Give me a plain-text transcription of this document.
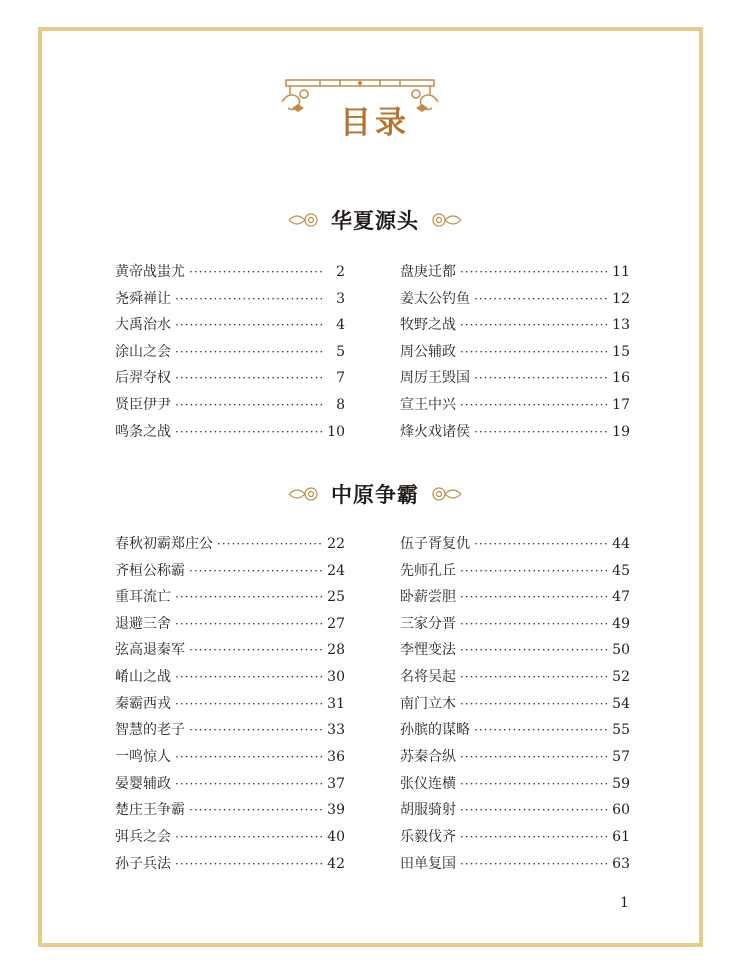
目录
华夏源头
黄帝战蚩尤 ·····	2
尧舜禅让 ·····	3
大禹治水 ·····	4
涂山之会 ·····	5
后羿夺权 ·····	7
贤臣伊尹 ·····	8
鸣条之战 ·····	10
盘庚迁都 ·····	11
姜太公钓鱼 ·····	12
牧野之战 ·····	13
周公辅政 ·····	15
周厉王毁国 ·····	16
宣王中兴 ·····	17
烽火戏诸侯 ·····	19
中原争霸
春秋初霸郑庄公 ·····	22
齐桓公称霸 ·····	24
重耳流亡 ·····	25
退避三舍 ·····	27
弦高退秦军 ·····	28
崤山之战 ·····	30
秦霸西戎 ·····	31
智慧的老子 ·····	33
一鸣惊人 ·····	36
晏婴辅政 ·····	37
楚庄王争霸 ·····	39
弭兵之会 ·····	40
孙子兵法 ·····	42
伍子胥复仇 ·····	44
先师孔丘 ·····	45
卧薪尝胆 ·····	47
三家分晋 ·····	49
李悝变法 ·····	50
名将吴起 ·····	52
南门立木 ·····	54
孙膑的谋略 ·····	55
苏秦合纵 ·····	57
张仪连横 ·····	59
胡服骑射 ·····	60
乐毅伐齐 ·····	61
田单复国 ·····	63
1
